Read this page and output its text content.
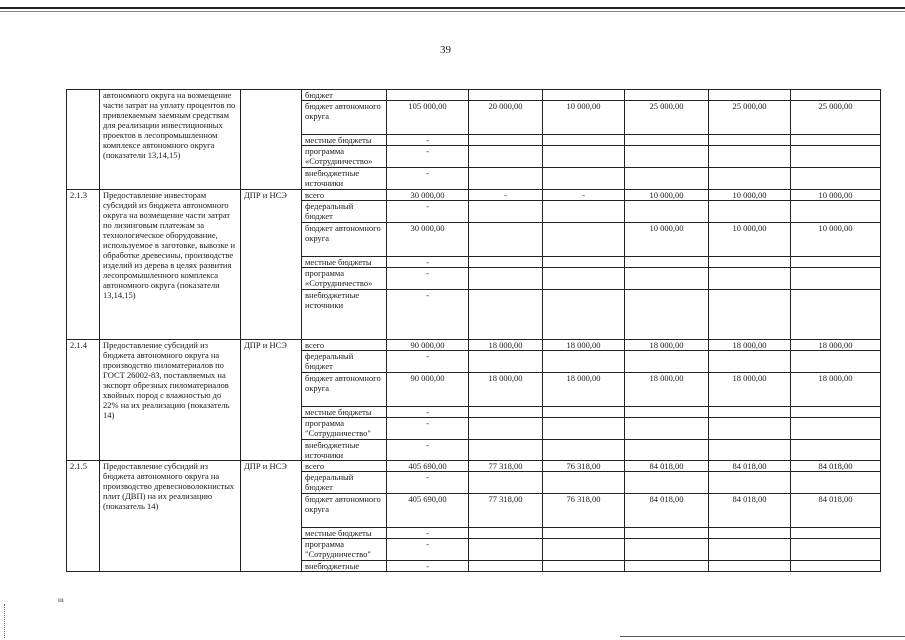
39
	автономного округа на возмещение части затрат на уплату процентов по привлекаемым заемным средствам для реализации инвестиционных проектов в лесопромышленном комплексе автономного округа (показатели 13,14,15)		бюджет						
			бюджет автономного округа	105 000,00	20 000,00	10 000,00	25 000,00	25 000,00	25 000,00
			местные бюджеты	-					
			программа «Сотрудничество»	-					
			внебюджетные источники	-					
2.1.3	Предоставление инвесторам субсидий из бюджета автономного округа на возмещение части затрат по лизинговым платежам за технологическое оборудование, используемое в заготовке, вывозке и обработке древесины, производстве изделий из дерева в целях развития лесопромышленного комплекса автономного округа (показатели 13,14,15)	ДПР и НСЭ	всего	30 000,00	-	-	10 000,00	10 000,00	10 000,00
			федеральный бюджет	-					
			бюджет автономного округа	30 000,00			10 000,00	10 000,00	10 000,00
			местные бюджеты	-					
			программа «Сотрудничество»	-					
			внебюджетные источники	-					
2.1.4	Предоставление субсидий из бюджета автономного округа на производство пиломатериалов по ГОСТ 26002-83, поставляемых на экспорт обрезных пиломатериалов хвойных пород с влажностью до 22% на их реализацию (показатель 14)	ДПР и НСЭ	всего	90 000,00	18 000,00	18 000,00	18 000,00	18 000,00	18 000,00
			федеральный бюджет	-					
			бюджет автономного округа	90 000,00	18 000,00	18 000,00	18 000,00	18 000,00	18 000,00
			местные бюджеты	-					
			программа "Сотрудничество"	-					
			внебюджетные источники	-					
2.1.5	Предоставление субсидий из бюджета автономного округа на производство древесноволокнистых плит (ДВП) на их реализацию (показатель 14)	ДПР и НСЭ	всего	405 690,00	77 318,00	76 318,00	84 018,00	84 018,00	84 018,00
			федеральный бюджет	-					
			бюджет автономного округа	405 690,00	77 318,00	76 318,00	84 018,00	84 018,00	84 018,00
			местные бюджеты	-					
			программа "Сотрудничество"	-					
			внебюджетные	-					
ııı
